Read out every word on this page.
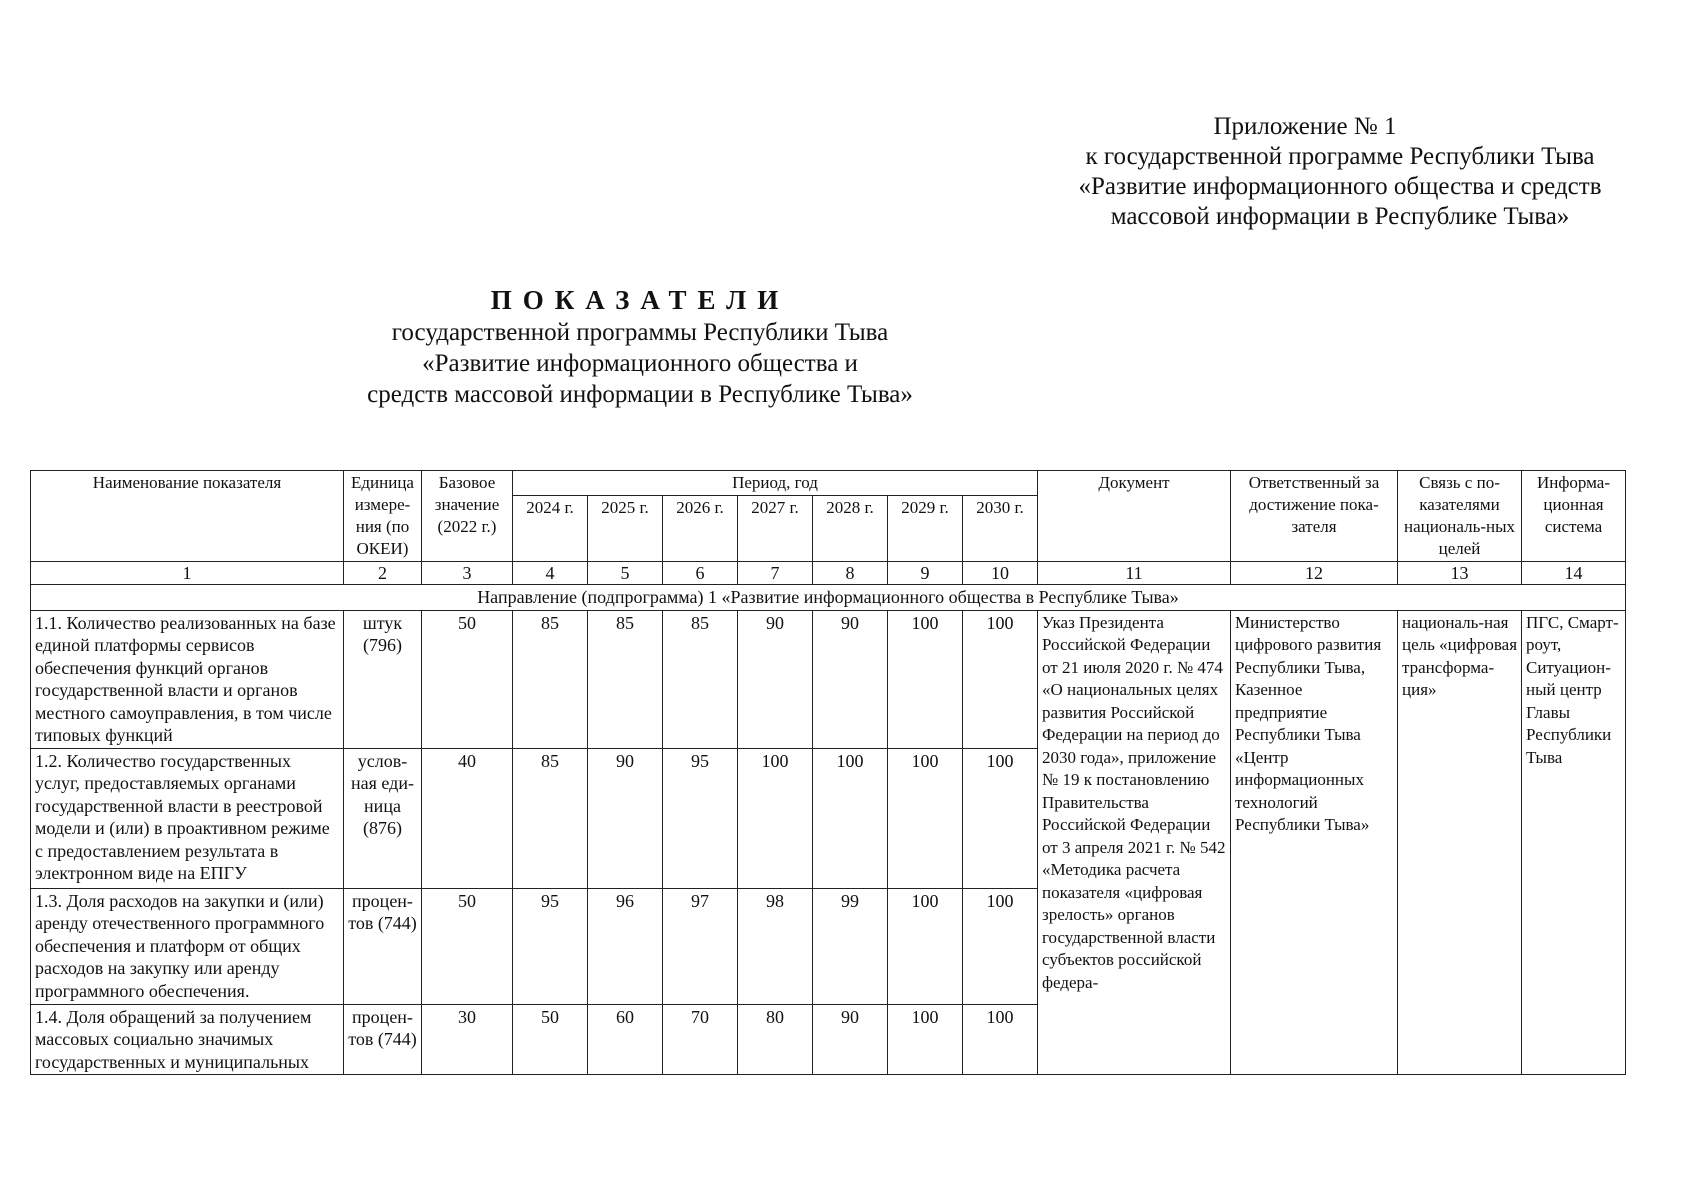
Приложение № 1
к государственной программе Республики Тыва
«Развитие информационного общества и средств
массовой информации в Республике Тыва»
ПОКАЗАТЕЛИ
государственной программы Республики Тыва
«Развитие информационного общества и
средств массовой информации в Республике Тыва»
Наименование показателя	Единица измере-ния (по ОКЕИ)	Базовое значение (2022 г.)	Период, год							Документ	Ответственный за достижение пока-зателя	Связь с по-казателями националь-ных целей	Информа-ционная система
			2024 г.	2025 г.	2026 г.	2027 г.	2028 г.	2029 г.	2030 г.				
1	2	3	4	5	6	7	8	9	10	11	12	13	14
Направление (подпрограмма) 1 «Развитие информационного общества в Республике Тыва»													
1.1. Количество реализованных на базе единой платформы сервисов обеспечения функций органов государственной власти и органов местного самоуправления, в том числе типовых функций	штук (796)	50	85	85	85	90	90	100	100	Указ Президента Российской Федерации от 21 июля 2020 г. № 474 «О национальных целях развития Российской Федерации на период до 2030 года», приложение № 19 к постановлению Правительства Российской Федерации от 3 апреля 2021 г. № 542 «Методика расчета показателя «цифровая зрелость» органов государственной власти субъектов российской федера-	Министерство цифрового развития Республики Тыва, Казенное предприятие Республики Тыва «Центр информационных технологий Республики Тыва»	националь-ная цель «цифровая трансформа-ция»	ПГС, Смарт-роут, Ситуацион-ный центр Главы Республики Тыва
1.2. Количество государственных услуг, предоставляемых органами государственной власти в реестровой модели и (или) в проактивном режиме с предоставлением результата в электронном виде на ЕПГУ	услов-ная еди-ница (876)	40	85	90	95	100	100	100	100				
1.3. Доля расходов на закупки и (или) аренду отечественного программного обеспечения и платформ от общих расходов на закупку или аренду программного обеспечения.	процен-тов (744)	50	95	96	97	98	99	100	100				
1.4. Доля обращений за получением массовых социально значимых государственных и муниципальных	процен-тов (744)	30	50	60	70	80	90	100	100				
